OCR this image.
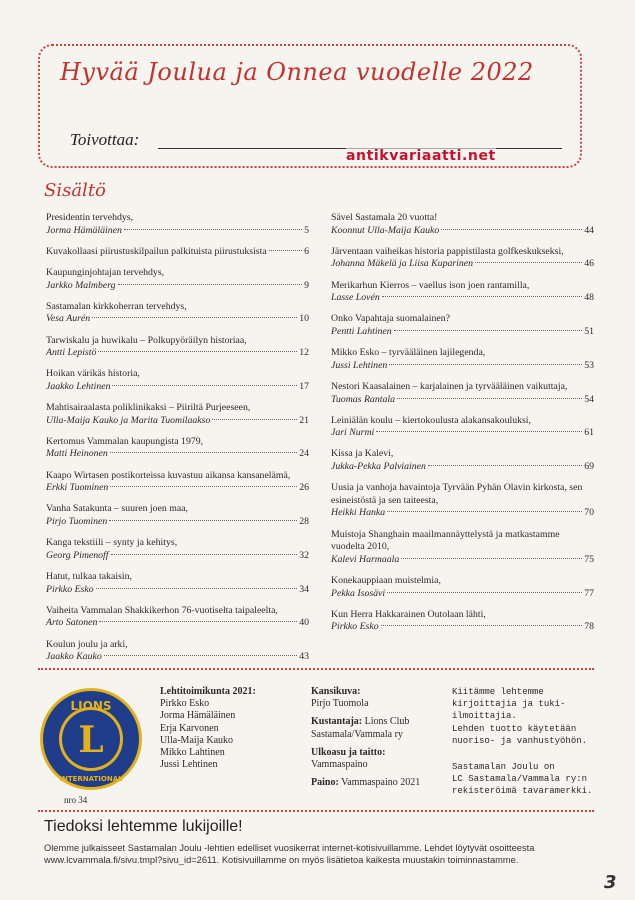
Hyvää Joulua ja Onnea vuodelle 2022
Toivottaa:
antikvariaatti.net
Sisältö
Presidentin tervehdys,
Jorma Hämäläinen	5
Kuvakollaasi piirustuskilpailun palkituista piirustuksista	6
Kaupunginjohtajan tervehdys,
Jarkko Malmberg	9
Sastamalan kirkkoherran tervehdys,
Vesa Aurén	10
Tarwiskalu ja huwikalu – Polkupyöräilyn historiaa,
Antti Lepistö	12
Hoikan värikäs historia,
Jaakko Lehtinen	17
Mahtisairaalasta poliklinikaksi – Piiriltä Purjeeseen,
Ulla-Maija Kauko ja Marita Tuomilaakso	21
Kertomus Vammalan kaupungista 1979,
Matti Heinonen	24
Kaapo Wirtasen postikorteissa kuvastuu aikansa kansanelämä,
Erkki Tuominen	26
Vanha Satakunta – suuren joen maa,
Pirjo Tuominen	28
Kanga tekstiili – synty ja kehitys,
Georg Pimenoff	32
Hatut, tulkaa takaisin,
Pirkko Esko	34
Vaiheita Vammalan Shakkikerhon 76-vuotiselta taipaleelta,
Arto Satonen	40
Koulun joulu ja arki,
Jaakko Kauko	43
Sävel Sastamala 20 vuotta!
Koonnut Ulla-Maija Kauko	44
Järventaan vaiheikas historia pappistilasta golfkeskukseksi,
Johanna Mäkelä ja Liisa Kuparinen	46
Merikarhun Kierros – vaellus ison joen rantamilla,
Lasse Lovén	48
Onko Vapahtaja suomalainen?
Pentti Lahtinen	51
Mikko Esko – tyrvääläinen lajilegenda,
Jussi Lehtinen	53
Nestori Kaasalainen – karjalainen ja tyrvääläinen vaikuttaja,
Tuomas Rantala	54
Leiniälän koulu – kiertokoulusta alakansakouluksi,
Jari Nurmi	61
Kissa ja Kalevi,
Jukka-Pekka Palviainen	69
Uusia ja vanhoja havaintoja Tyrvään Pyhän Olavin kirkosta, sen esineistöstä ja sen taiteesta,
Heikki Hanka	70
Muistoja Shanghain maailmannäyttelystä ja matkastamme vuodelta 2010,
Kalevi Harmaala	75
Konekauppiaan muistelmia,
Pekka Isosävi	77
Kun Herra Hakkarainen Outolaan lähti,
Pirkko Esko	78
LIONS
L
INTERNATIONAL
nro 34
Lehtitoimikunta 2021:
Pirkko Esko
Jorma Hämäläinen
Erja Karvonen
Ulla-Maija Kauko
Mikko Lahtinen
Jussi Lehtinen
Kansikuva:
Pirjo Tuomola
Kustantaja: Lions Club
Sastamala/Vammala ry
Ulkoasu ja taitto:
Vammaspaino
Paino: Vammaspaino 2021
Kiitämme lehtemme
kirjoittajia ja tuki-ilmoittajia.
Lehden tuotto käytetään
nuoriso- ja vanhustyöhön.
Sastamalan Joulu on
LC Sastamala/Vammala ry:n
rekisteröimä tavaramerkki.
Tiedoksi lehtemme lukijoille!
Olemme julkaisseet Sastamalan Joulu -lehtien edelliset vuosikerrat internet-kotisivuillamme. Lehdet löytyvät osoitteesta
www.lcvammala.fi/sivu.tmpl?sivu_id=2611. Kotisivuillamme on myös lisätietoa kaikesta muustakin toiminnastamme.
3
